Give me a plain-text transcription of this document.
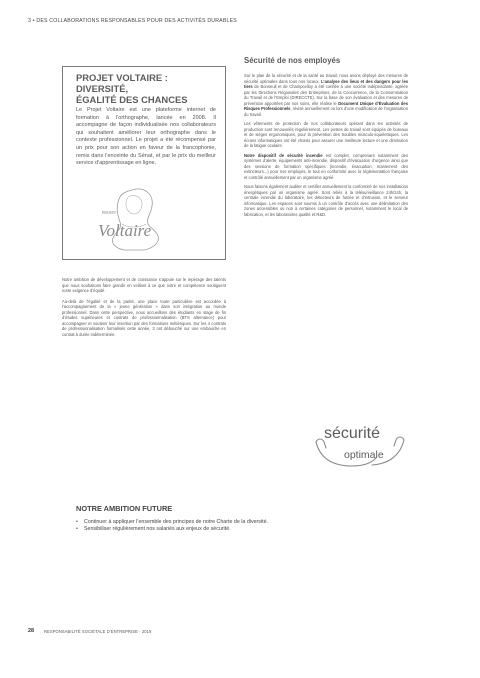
3 • DES COLLABORATIONS RESPONSABLES POUR DES ACTIVITÉS DURABLES
PROJET VOLTAIRE : DIVERSITÉ,
ÉGALITÉ DES CHANCES
Le Projet Voltaire est une plateforme internet de formation à l’orthographe, lancée en 2008. Il accompagne de façon individualisée nos collaborateurs qui souhaitent améliorer leur orthographe dans le contexte professionnel. Le projet a été récompensé par un prix pour son action en faveur de la francophonie, remis dans l’enceinte du Sénat, et par le prix du meilleur service d’apprentissage en ligne.
PROJET
Voltaire

Notre ambition de développement et de croissance s’appuie sur le repérage des talents que nous souhaitons faire grandir en veillant à ce que notre et compétence soutiguent notre exigence d’équité.

Au-delà de l’égalité et de la parité, une place toute particulière est accordée à l’accompagnement de la « jeune génération » dans son intégration au monde professionnel. Dans cette perspective, nous accueillons des étudiants en stage de fin d’études supérieures et contrats de professionnalisation (BTS alternance) pour accompagner et soutenir leur insertion par des formations métiériques. Sur les 4 contrats de professionnalisation formalisés cette année, 3 ont débouché sur une embauche en contrat à durée indéterminée.

Sécurité de nos employés

Sur le plan de la sécurité et de la santé au travail, nous avons déployé des mesures de sécurité optimales dans tous nos locaux. L’analyse des lieux et des dangers pour les tiers de Bonneuil et de Champcelloy a été confiée à une société indépendante, agréée par les Directions Régionales des Entreprises, de la Concurrence, de la Consommation du Travail et de l’Emploi (DIRECCTE). Sur la base de son évaluation et des mesures de prévention apportées par nos soins, elle réalise le Document Unique d’Évaluation des Risques Professionnels, révisé annuellement ou lors d’une modification de l’organisation du travail.

Les vêtements de protection de nos collaborateurs opérant dans les activités de production sont renouvelés régulièrement. Les postes de travail sont équipés de bureaux et de sièges ergonomiques, pour la prévention des troubles musculo-squelettiques. Les écrans informatiques ont été choisis pour assurer une meilleure lecture et une diminution de la fatigue oculaire.

Notre dispositif de sécurité incendie est complet, comprenant notamment des systèmes d’alerte, équipements anti-incendie, dispositif d’évacuation d’urgence ainsi que des sessions de formation spécifiques (incendie, évacuation, maniement des extincteurs...) pour nos employés, le tout en conformité avec la réglementation française et contrôlé annuellement par un organisme agréé.

Nous faisons également auditer et certifier annuellement la conformité de nos installations énergétiques par un organisme agréé. Sont reliés à la télésurveillance 24h/24h, la centrale incendie du laboratoire, les détecteurs de fumée et d’intrusion, et le serveur informatique. Les espaces sont soumis à un contrôle d’accès avec une délimitation des zones accessibles ou non à certaines catégories de personnel, notamment le local de fabrication, et les laboratoires qualité et R&D.

sécurité
optimale
NOTRE AMBITION FUTURE
• Continuer à appliquer l’ensemble des principes de notre Charte de la diversité.
• Sensibiliser régulièrement nos salariés aux enjeux de sécurité.
28 RESPONSABILITÉ SOCIÉTALE D’ENTREPRISE · 2019
